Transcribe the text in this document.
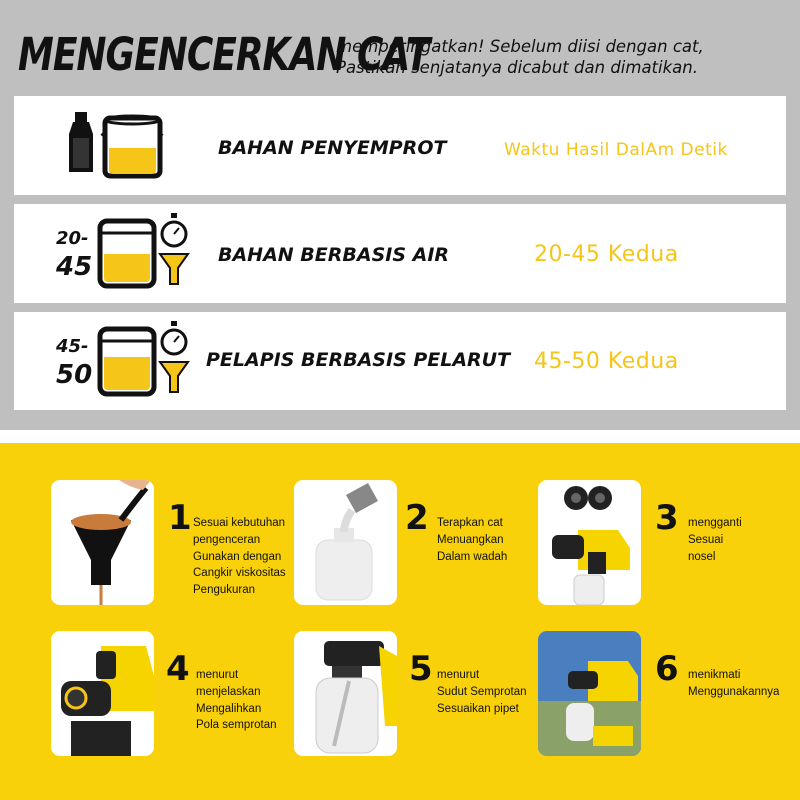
MENGENCERKAN CAT
memperingatkan! Sebelum diisi dengan cat,
Pastikan senjatanya dicabut dan dimatikan.
BAHAN PENYEMPROT	Waktu Hasil DalAm Detik
20-
45	BAHAN BERBASIS AIR	20-45 Kedua
45-
50	PELAPIS BERBASIS PELARUT 45-50 Kedua
1 Sesuai kebutuhan
pengenceran
Gunakan dengan
Cangkir viskositas
Pengukuran
2 Terapkan cat
Menuangkan
Dalam wadah
3 mengganti
Sesuai
nosel
4 menurut
menjelaskan
Mengalihkan
Pola semprotan
5 menurut
Sudut Semprotan
Sesuaikan pipet
6 menikmati
Menggunakannya
